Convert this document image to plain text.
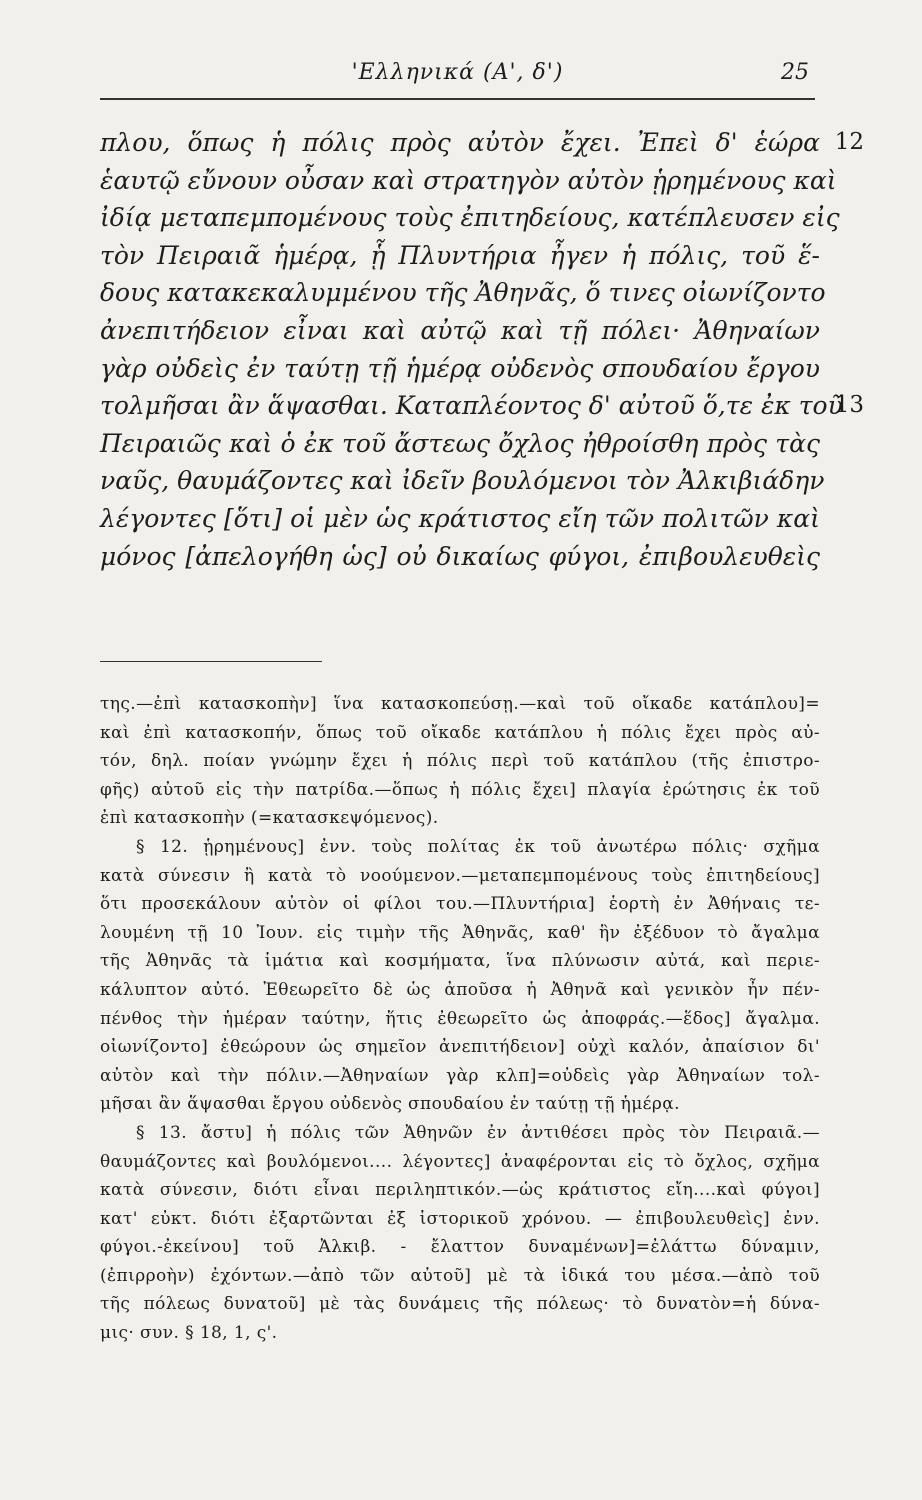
'Ελληνικά (Α', δ')	25
πλου, ὅπως ἡ πόλις πρὸς αὐτὸν ἔχει. Ἐπεὶ δ' ἑώρα 12
ἑαυτῷ εὔνουν οὖσαν καὶ στρατηγὸν αὐτὸν ᾑρημένους καὶ
ἰδίᾳ μεταπεμπομένους τοὺς ἐπιτηδείους, κατέπλευσεν εἰς
τὸν Πειραιᾶ ἡμέρᾳ, ᾗ Πλυντήρια ἦγεν ἡ πόλις, τοῦ ἕ-
δους κατακεκαλυμμένου τῆς Ἀθηνᾶς, ὅ τινες οἰωνίζοντο
ἀνεπιτήδειον εἶναι καὶ αὐτῷ καὶ τῇ πόλει· Ἀθηναίων
γὰρ οὐδεὶς ἐν ταύτῃ τῇ ἡμέρᾳ οὐδενὸς σπουδαίου ἔργου
τολμῆσαι ἂν ἅψασθαι. Καταπλέοντος δ' αὐτοῦ ὅ,τε ἐκ τοῦ
13
Πειραιῶς καὶ ὁ ἐκ τοῦ ἄστεως ὄχλος ἠθροίσθη πρὸς τὰς
ναῦς, θαυμάζοντες καὶ ἰδεῖν βουλόμενοι τὸν Ἀλκιβιάδην
λέγοντες [ὅτι] οἱ μὲν ὡς κράτιστος εἴη τῶν πολιτῶν καὶ
μόνος [ἀπελογήθη ὡς] οὐ δικαίως φύγοι, ἐπιβουλευθεὶς
της.—ἐπὶ κατασκοπὴν] ἵνα κατασκοπεύσῃ.—καὶ τοῦ οἴκαδε κατάπλου]=
καὶ ἐπὶ κατασκοπήν, ὅπως τοῦ οἴκαδε κατάπλου ἡ πόλις ἔχει πρὸς αὐ-
τόν, δηλ. ποίαν γνώμην ἔχει ἡ πόλις περὶ τοῦ κατάπλου (τῆς ἐπιστρο-
φῆς) αὐτοῦ εἰς τὴν πατρίδα.—ὅπως ἡ πόλις ἔχει] πλαγία ἐρώτησις ἐκ τοῦ
ἐπὶ κατασκοπὴν (=κατασκεψόμενος).
§ 12. ᾑρημένους] ἐνν. τοὺς πολίτας ἐκ τοῦ ἀνωτέρω πόλις· σχῆμα
κατὰ σύνεσιν ἢ κατὰ τὸ νοούμενον.—μεταπεμπομένους τοὺς ἐπιτηδείους]
ὅτι προσεκάλουν αὐτὸν οἱ φίλοι του.—Πλυντήρια] ἑορτὴ ἐν Ἀθήναις τε-
λουμένη τῇ 10 Ἰουν. εἰς τιμὴν τῆς Ἀθηνᾶς, καθ' ἣν ἐξέδυον τὸ ἄγαλμα
τῆς Ἀθηνᾶς τὰ ἱμάτια καὶ κοσμήματα, ἵνα πλύνωσιν αὐτά, καὶ περιε-
κάλυπτον αὐτό. Ἐθεωρεῖτο δὲ ὡς ἀποῦσα ἡ Ἀθηνᾶ καὶ γενικὸν ἦν πέν-
πένθος τὴν ἡμέραν ταύτην, ἥτις ἐθεωρεῖτο ὡς ἀποφράς.—ἕδος] ἄγαλμα.
οἰωνίζοντο] ἐθεώρουν ὡς σημεῖον ἀνεπιτήδειον] οὐχὶ καλόν, ἀπαίσιον δι'
αὐτὸν καὶ τὴν πόλιν.—Ἀθηναίων γὰρ κλπ]=οὐδεὶς γὰρ Ἀθηναίων τολ-
μῆσαι ἂν ἅψασθαι ἔργου οὐδενὸς σπουδαίου ἐν ταύτῃ τῇ ἡμέρᾳ.
§ 13. ἄστυ] ἡ πόλις τῶν Ἀθηνῶν ἐν ἀντιθέσει πρὸς τὸν Πειραιᾶ.—
θαυμάζοντες καὶ βουλόμενοι.... λέγοντες] ἀναφέρονται εἰς τὸ ὄχλος, σχῆμα
κατὰ σύνεσιν, διότι εἶναι περιληπτικόν.—ὡς κράτιστος εἴη....καὶ φύγοι]
κατ' εὐκτ. διότι ἐξαρτῶνται ἐξ ἱστορικοῦ χρόνου. — ἐπιβουλευθεὶς] ἐνν.
φύγοι.-ἐκείνου] τοῦ Ἀλκιβ. - ἔλαττον δυναμένων]=ἐλάττω δύναμιν,
(ἐπιρροὴν) ἐχόντων.—ἀπὸ τῶν αὐτοῦ] μὲ τὰ ἰδικά του μέσα.—ἀπὸ τοῦ
τῆς πόλεως δυνατοῦ] μὲ τὰς δυνάμεις τῆς πόλεως· τὸ δυνατὸν=ἡ δύνα-
μις· συν. § 18, 1, ς'.
